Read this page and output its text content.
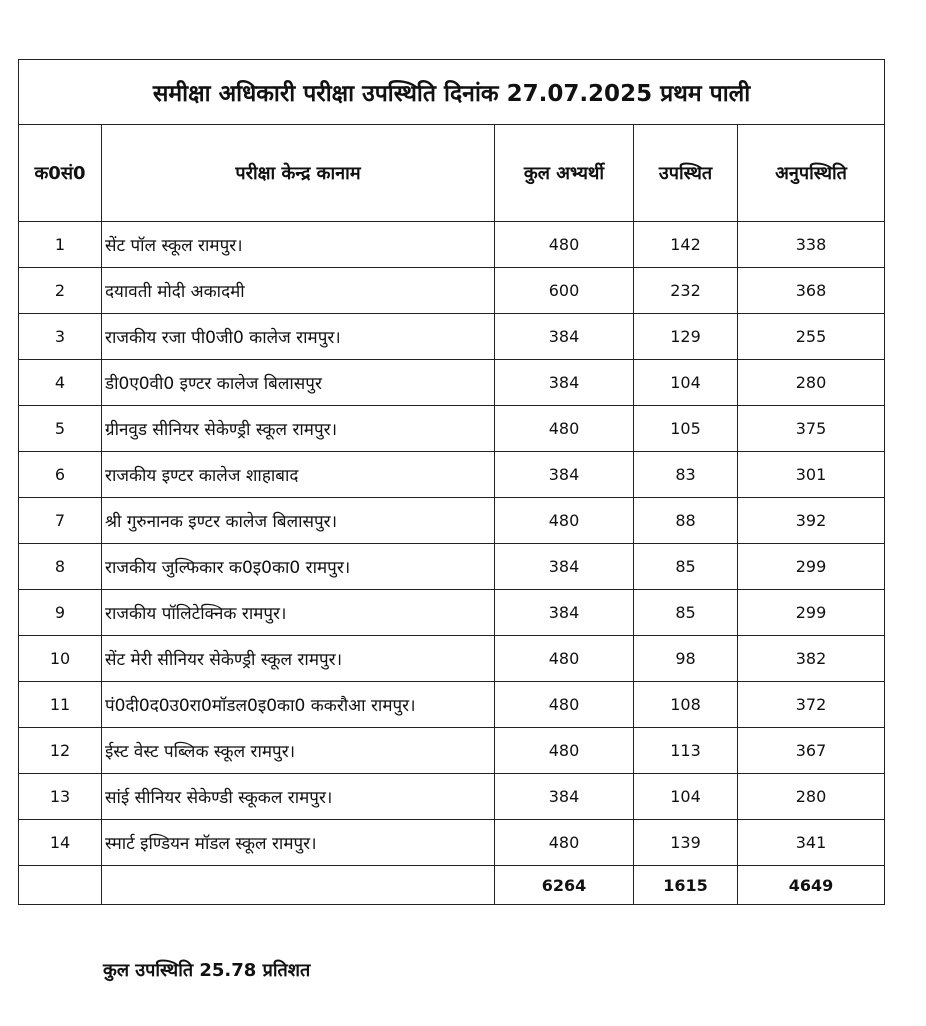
समीक्षा अधिकारी परीक्षा उपस्थिति दिनांक 27.07.2025 प्रथम पाली				
क0सं0	परीक्षा केन्द्र कानाम	कुल अभ्यर्थी	उपस्थित	अनुपस्थिति
1	सेंट पॉल स्कूल रामपुर।	480	142	338
2	दयावती मोदी अकादमी	600	232	368
3	राजकीय रजा पी0जी0 कालेज रामपुर।	384	129	255
4	डी0ए0वी0 इण्टर कालेज बिलासपुर	384	104	280
5	ग्रीनवुड सीनियर सेकेण्ड्री स्कूल रामपुर।	480	105	375
6	राजकीय इण्टर कालेज शाहाबाद	384	83	301
7	श्री गुरुनानक इण्टर कालेज बिलासपुर।	480	88	392
8	राजकीय जुल्फिकार क0इ0का0 रामपुर।	384	85	299
9	राजकीय पॉलिटेक्निक रामपुर।	384	85	299
10	सेंट मेरी सीनियर सेकेण्ड्री स्कूल रामपुर।	480	98	382
11	पं0दी0द0उ0रा0मॉडल0इ0का0 ककरौआ रामपुर।	480	108	372
12	ईस्ट वेस्ट पब्लिक स्कूल रामपुर।	480	113	367
13	सांई सीनियर सेकेण्डी स्कूकल रामपुर।	384	104	280
14	स्मार्ट इण्डियन मॉडल स्कूल रामपुर।	480	139	341
		6264	1615	4649
कुल उपस्थिति 25.78 प्रतिशत
